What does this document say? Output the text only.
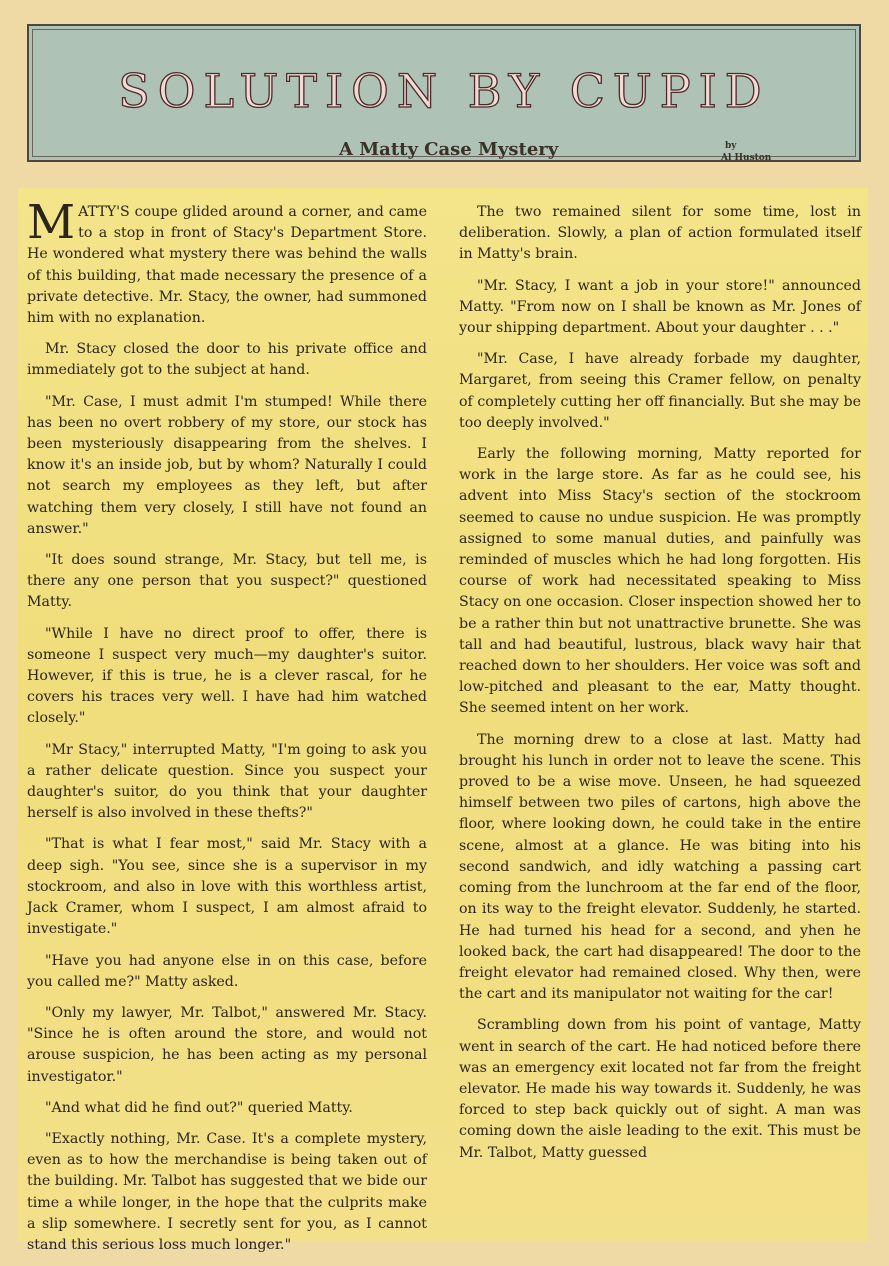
SOLUTION BY CUPID
A Matty Case Mystery	by
Al Huston

MATTY'S coupe glided around a corner, and came to a stop in front of Stacy's Department Store. He wondered what mystery there was behind the walls of this building, that made necessary the presence of a private detective. Mr. Stacy, the owner, had summoned him with no explanation.

Mr. Stacy closed the door to his private office and immediately got to the subject at hand.

"Mr. Case, I must admit I'm stumped! While there has been no overt robbery of my store, our stock has been mysteriously disappearing from the shelves. I know it's an inside job, but by whom? Naturally I could not search my employees as they left, but after watching them very closely, I still have not found an answer."

"It does sound strange, Mr. Stacy, but tell me, is there any one person that you suspect?" questioned Matty.

"While I have no direct proof to offer, there is someone I suspect very much—my daughter's suitor. However, if this is true, he is a clever rascal, for he covers his traces very well. I have had him watched closely."

"Mr Stacy," interrupted Matty, "I'm going to ask you a rather delicate question. Since you suspect your daughter's suitor, do you think that your daughter herself is also involved in these thefts?"

"That is what I fear most," said Mr. Stacy with a deep sigh. "You see, since she is a supervisor in my stockroom, and also in love with this worthless artist, Jack Cramer, whom I suspect, I am almost afraid to investigate."

"Have you had anyone else in on this case, before you called me?" Matty asked.

"Only my lawyer, Mr. Talbot," answered Mr. Stacy. "Since he is often around the store, and would not arouse suspicion, he has been acting as my personal investigator."

"And what did he find out?" queried Matty.

"Exactly nothing, Mr. Case. It's a complete mystery, even as to how the merchandise is being taken out of the building. Mr. Talbot has suggested that we bide our time a while longer, in the hope that the culprits make a slip somewhere. I secretly sent for you, as I cannot stand this serious loss much longer."

The two remained silent for some time, lost in deliberation. Slowly, a plan of action formulated itself in Matty's brain.

"Mr. Stacy, I want a job in your store!" announced Matty. "From now on I shall be known as Mr. Jones of your shipping department. About your daughter . . ."

"Mr. Case, I have already forbade my daughter, Margaret, from seeing this Cramer fellow, on penalty of completely cutting her off financially. But she may be too deeply involved."

Early the following morning, Matty reported for work in the large store. As far as he could see, his advent into Miss Stacy's section of the stockroom seemed to cause no undue suspicion. He was promptly assigned to some manual duties, and painfully was reminded of muscles which he had long forgotten. His course of work had necessitated speaking to Miss Stacy on one occasion. Closer inspection showed her to be a rather thin but not unattractive brunette. She was tall and had beautiful, lustrous, black wavy hair that reached down to her shoulders. Her voice was soft and low-pitched and pleasant to the ear, Matty thought. She seemed intent on her work.

The morning drew to a close at last. Matty had brought his lunch in order not to leave the scene. This proved to be a wise move. Unseen, he had squeezed himself between two piles of cartons, high above the floor, where looking down, he could take in the entire scene, almost at a glance. He was biting into his second sandwich, and idly watching a passing cart coming from the lunchroom at the far end of the floor, on its way to the freight elevator. Suddenly, he started. He had turned his head for a second, and yhen he looked back, the cart had disappeared! The door to the freight elevator had remained closed. Why then, were the cart and its manipulator not waiting for the car!

Scrambling down from his point of vantage, Matty went in search of the cart. He had noticed before there was an emergency exit located not far from the freight elevator. He made his way towards it. Suddenly, he was forced to step back quickly out of sight. A man was coming down the aisle leading to the exit. This must be Mr. Talbot, Matty guessed
